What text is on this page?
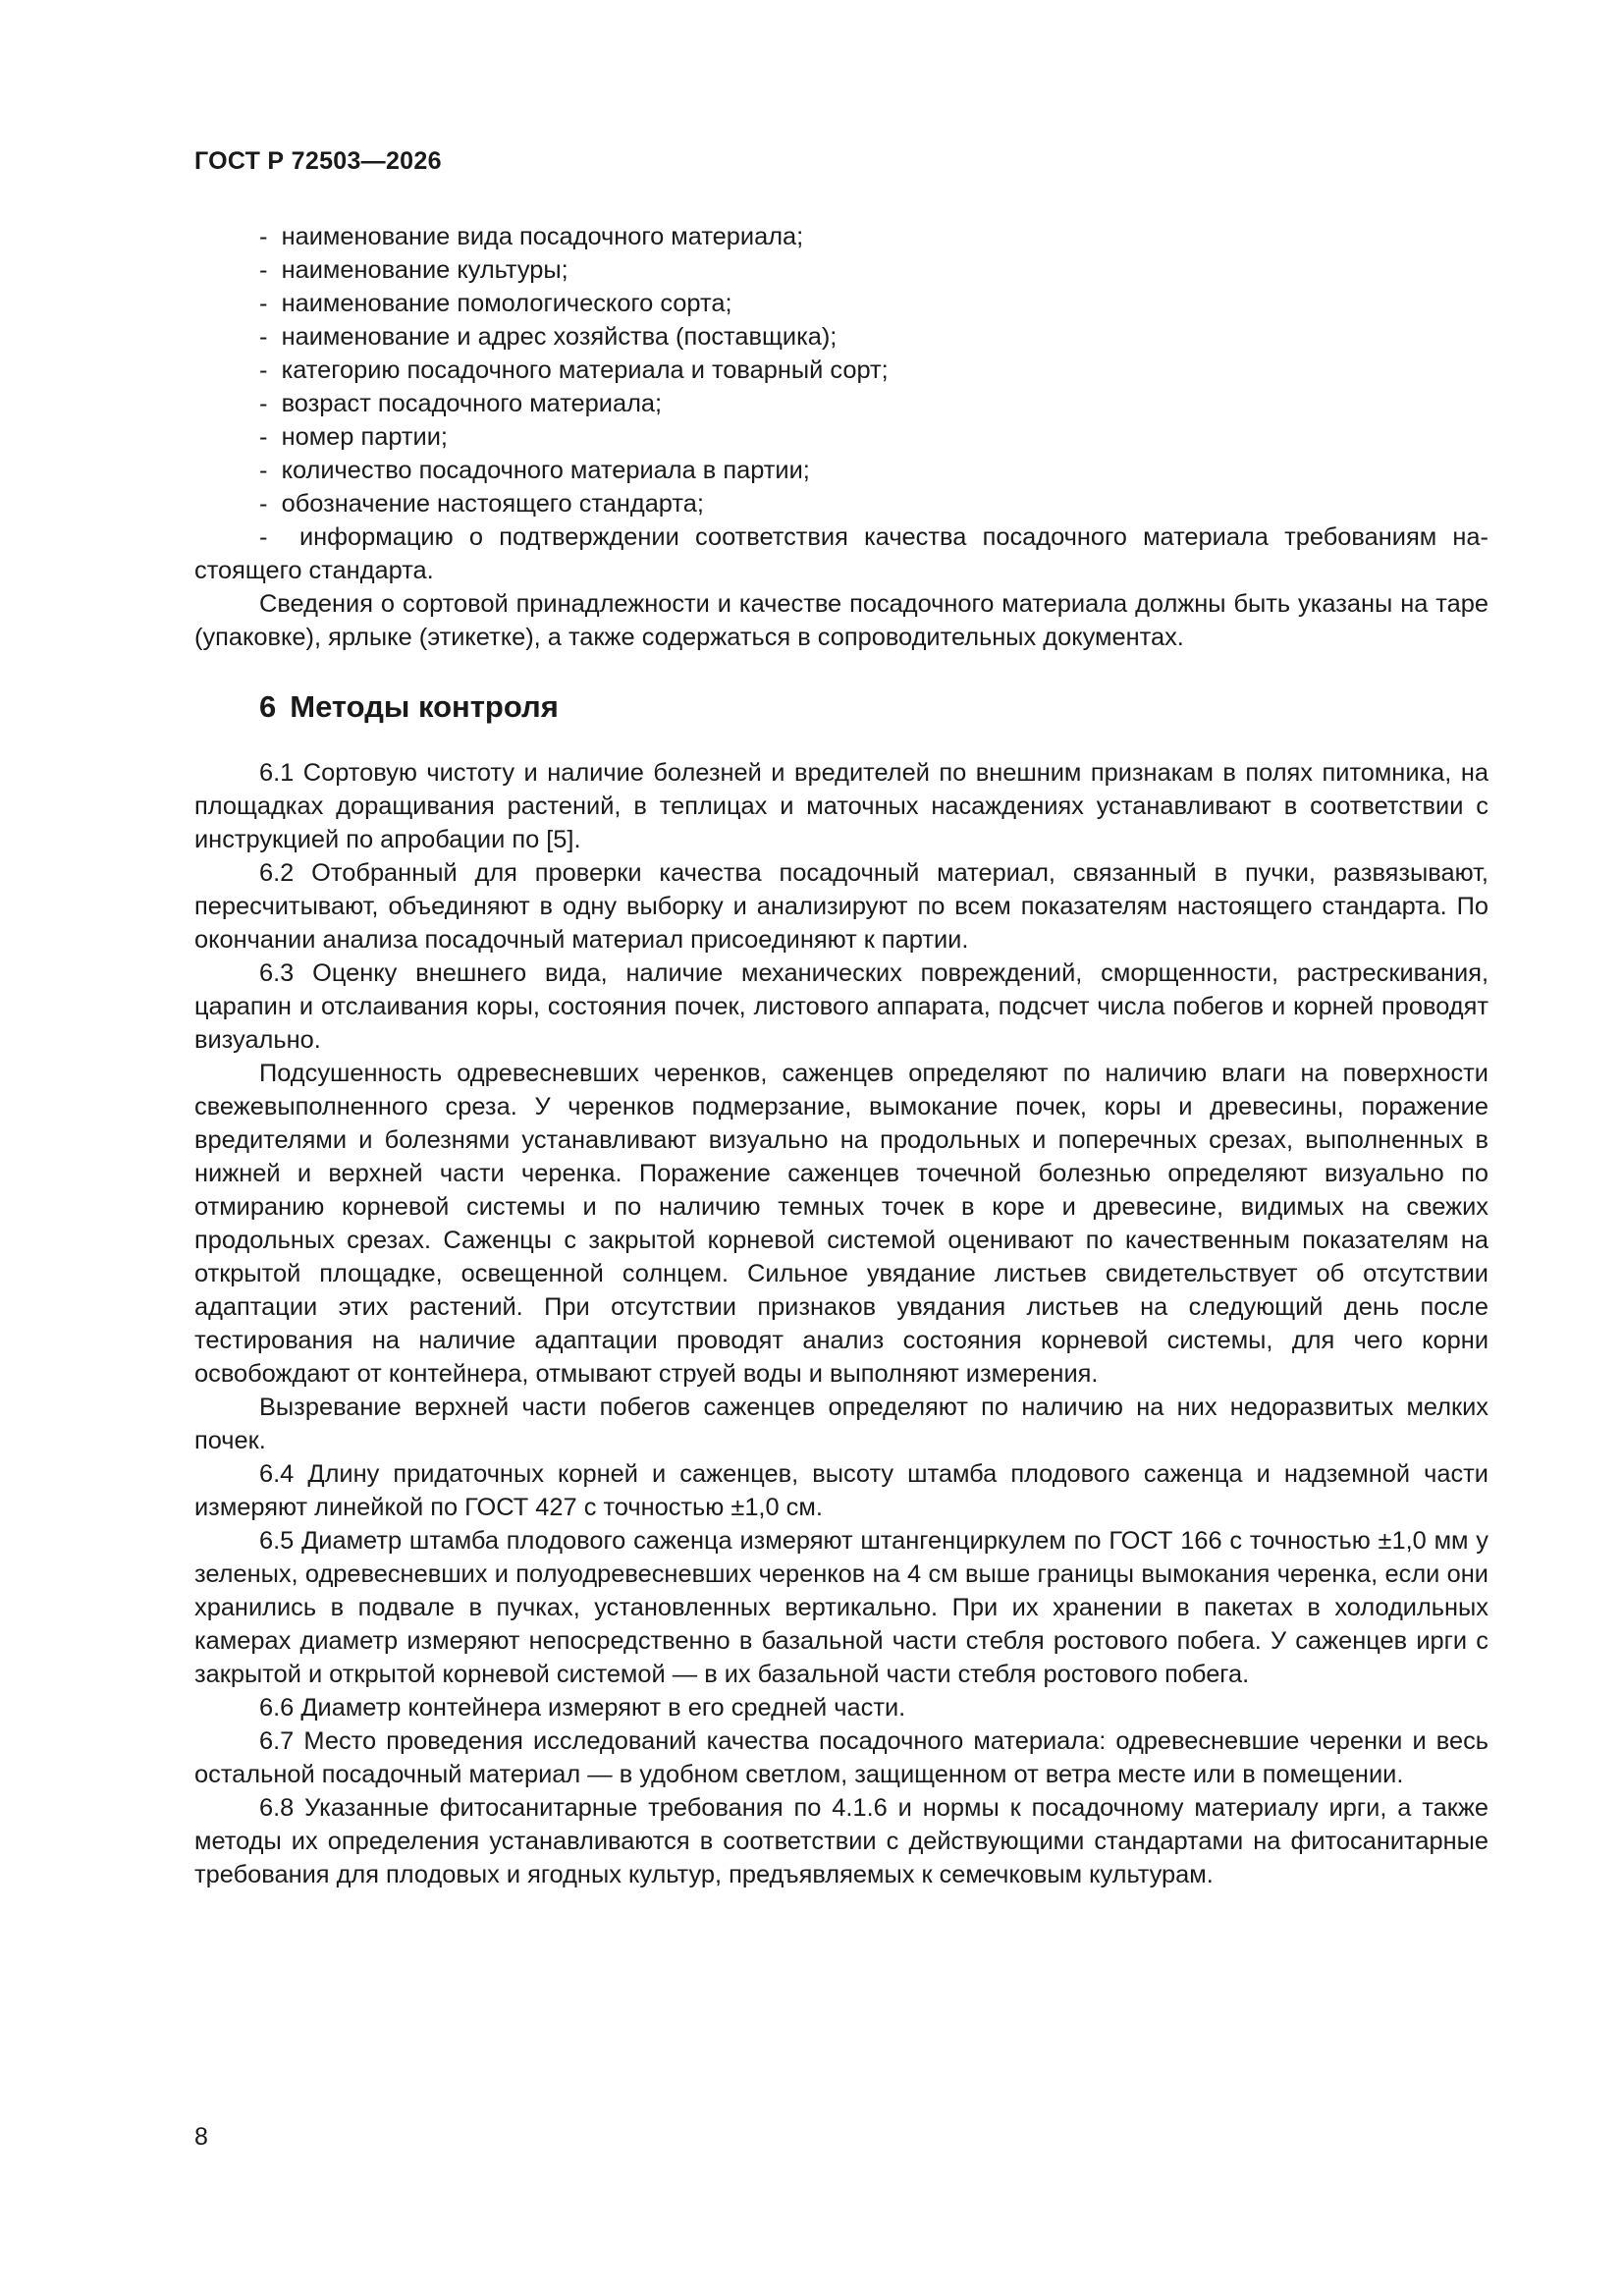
ГОСТ Р 72503—2026
-  наименование вида посадочного материала;
-  наименование культуры;
-  наименование помологического сорта;
-  наименование и адрес хозяйства (поставщика);
-  категорию посадочного материала и товарный сорт;
-  возраст посадочного материала;
-  номер партии;
-  количество посадочного материала в партии;
-  обозначение настоящего стандарта;
-  информацию о подтверждении соответствия качества посадочного материала требованиям настоящего стандарта.

Сведения о сортовой принадлежности и качестве посадочного материала должны быть указаны на таре (упаковке), ярлыке (этикетке), а также содержаться в сопроводительных документах.

6 Методы контроля

6.1 Сортовую чистоту и наличие болезней и вредителей по внешним признакам в полях питомника, на площадках доращивания растений, в теплицах и маточных насаждениях устанавливают в соответствии с инструкцией по апробации по [5].

6.2 Отобранный для проверки качества посадочный материал, связанный в пучки, развязывают, пересчитывают, объединяют в одну выборку и анализируют по всем показателям настоящего стандарта. По окончании анализа посадочный материал присоединяют к партии.

6.3 Оценку внешнего вида, наличие механических повреждений, сморщенности, растрескивания, царапин и отслаивания коры, состояния почек, листового аппарата, подсчет числа побегов и корней проводят визуально.

Подсушенность одревесневших черенков, саженцев определяют по наличию влаги на поверхности свежевыполненного среза. У черенков подмерзание, вымокание почек, коры и древесины, поражение вредителями и болезнями устанавливают визуально на продольных и поперечных срезах, выполненных в нижней и верхней части черенка. Поражение саженцев точечной болезнью определяют визуально по отмиранию корневой системы и по наличию темных точек в коре и древесине, видимых на свежих продольных срезах. Саженцы с закрытой корневой системой оценивают по качественным показателям на открытой площадке, освещенной солнцем. Сильное увядание листьев свидетельствует об отсутствии адаптации этих растений. При отсутствии признаков увядания листьев на следующий день после тестирования на наличие адаптации проводят анализ состояния корневой системы, для чего корни освобождают от контейнера, отмывают струей воды и выполняют измерения.

Вызревание верхней части побегов саженцев определяют по наличию на них недоразвитых мелких почек.

6.4 Длину придаточных корней и саженцев, высоту штамба плодового саженца и надземной части измеряют линейкой по ГОСТ 427 с точностью ±1,0 см.

6.5 Диаметр штамба плодового саженца измеряют штангенциркулем по ГОСТ 166 с точностью ±1,0 мм у зеленых, одревесневших и полуодревесневших черенков на 4 см выше границы вымокания черенка, если они хранились в подвале в пучках, установленных вертикально. При их хранении в пакетах в холодильных камерах диаметр измеряют непосредственно в базальной части стебля ростового побега. У саженцев ирги с закрытой и открытой корневой системой — в их базальной части стебля ростового побега.

6.6 Диаметр контейнера измеряют в его средней части.

6.7 Место проведения исследований качества посадочного материала: одревесневшие черенки и весь остальной посадочный материал — в удобном светлом, защищенном от ветра месте или в помещении.

6.8 Указанные фитосанитарные требования по 4.1.6 и нормы к посадочному материалу ирги, а также методы их определения устанавливаются в соответствии с действующими стандартами на фитосанитарные требования для плодовых и ягодных культур, предъявляемых к семечковым культурам.

8
